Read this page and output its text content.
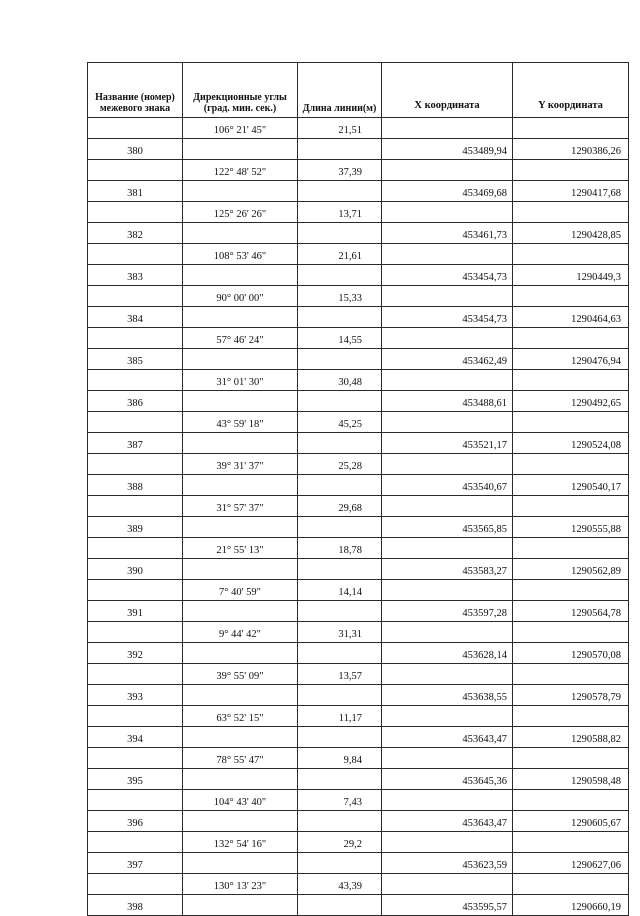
Название (номер) межевого знака	Дирекционные углы (град. мин. сек.)	Длина линии(м)	X координата	Y координата
	106° 21' 45"	21,51		
380			453489,94	1290386,26
	122° 48' 52"	37,39		
381			453469,68	1290417,68
	125° 26' 26"	13,71		
382			453461,73	1290428,85
	108° 53' 46"	21,61		
383			453454,73	1290449,3
	90° 00' 00"	15,33		
384			453454,73	1290464,63
	57° 46' 24"	14,55		
385			453462,49	1290476,94
	31° 01' 30"	30,48		
386			453488,61	1290492,65
	43° 59' 18"	45,25		
387			453521,17	1290524,08
	39° 31' 37"	25,28		
388			453540,67	1290540,17
	31° 57' 37"	29,68		
389			453565,85	1290555,88
	21° 55' 13"	18,78		
390			453583,27	1290562,89
	7° 40' 59"	14,14		
391			453597,28	1290564,78
	9° 44' 42"	31,31		
392			453628,14	1290570,08
	39° 55' 09"	13,57		
393			453638,55	1290578,79
	63° 52' 15"	11,17		
394			453643,47	1290588,82
	78° 55' 47"	9,84		
395			453645,36	1290598,48
	104° 43' 40"	7,43		
396			453643,47	1290605,67
	132° 54' 16"	29,2		
397			453623,59	1290627,06
	130° 13' 23"	43,39		
398			453595,57	1290660,19
